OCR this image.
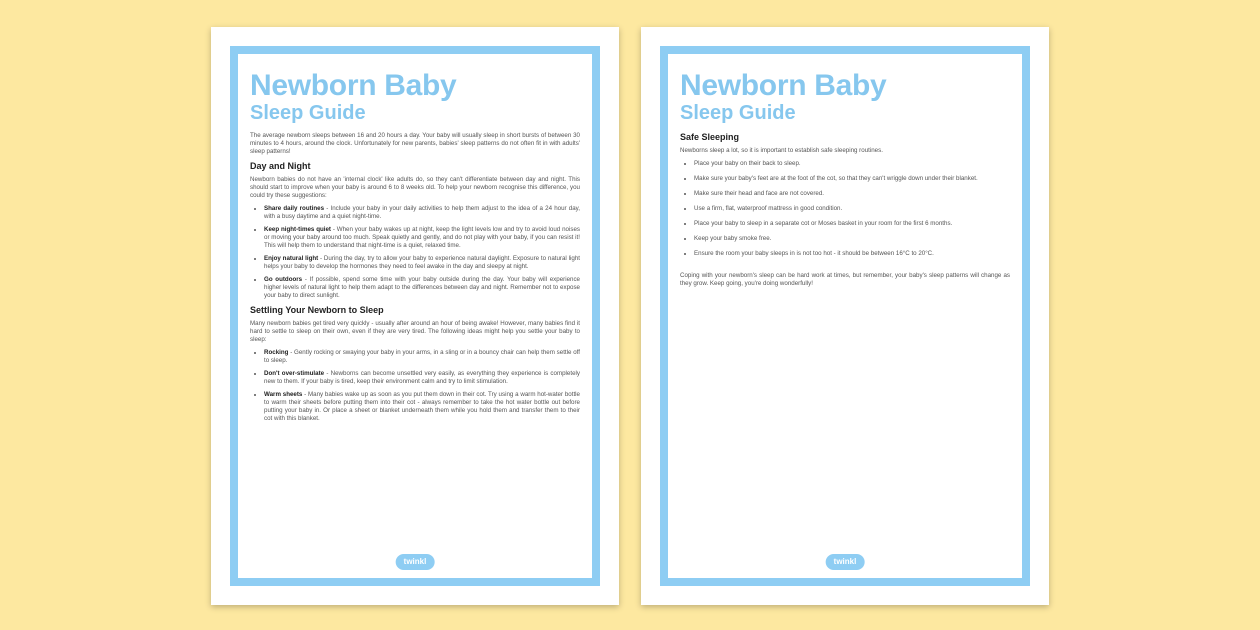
Newborn Baby
Sleep Guide

The average newborn sleeps between 16 and 20 hours a day. Your baby will usually sleep in short bursts of between 30 minutes to 4 hours, around the clock. Unfortunately for new parents, babies' sleep patterns do not often fit in with adults' sleep patterns!

Day and Night

Newborn babies do not have an 'internal clock' like adults do, so they can't differentiate between day and night. This should start to improve when your baby is around 6 to 8 weeks old. To help your newborn recognise this difference, you could try these suggestions:

• Share daily routines - Include your baby in your daily activities to help them adjust to the idea of a 24 hour day, with a busy daytime and a quiet night-time.
• Keep night-times quiet - When your baby wakes up at night, keep the light levels low and try to avoid loud noises or moving your baby around too much. Speak quietly and gently, and do not play with your baby, if you can resist it! This will help them to understand that night-time is a quiet, relaxed time.
• Enjoy natural light - During the day, try to allow your baby to experience natural daylight. Exposure to natural light helps your baby to develop the hormones they need to feel awake in the day and sleepy at night.
• Go outdoors - If possible, spend some time with your baby outside during the day. Your baby will experience higher levels of natural light to help them adapt to the differences between day and night. Remember not to expose your baby to direct sunlight.
Settling Your Newborn to Sleep

Many newborn babies get tired very quickly - usually after around an hour of being awake! However, many babies find it hard to settle to sleep on their own, even if they are very tired. The following ideas might help you settle your baby to sleep:

• Rocking - Gently rocking or swaying your baby in your arms, in a sling or in a bouncy chair can help them settle off to sleep.
• Don't over-stimulate - Newborns can become unsettled very easily, as everything they experience is completely new to them. If your baby is tired, keep their environment calm and try to limit stimulation.
• Warm sheets - Many babies wake up as soon as you put them down in their cot. Try using a warm hot-water bottle to warm their sheets before putting them into their cot - always remember to take the hot water bottle out before putting your baby in. Or place a sheet or blanket underneath them while you hold them and transfer them to their cot with this blanket.
twinkl
Newborn Baby
Sleep Guide
Safe Sleeping

Newborns sleep a lot, so it is important to establish safe sleeping routines.

• Place your baby on their back to sleep.
• Make sure your baby's feet are at the foot of the cot, so that they can't wriggle down under their blanket.
• Make sure their head and face are not covered.
• Use a firm, flat, waterproof mattress in good condition.
• Place your baby to sleep in a separate cot or Moses basket in your room for the first 6 months.
• Keep your baby smoke free.
• Ensure the room your baby sleeps in is not too hot - it should be between 16°C to 20°C.

Coping with your newborn's sleep can be hard work at times, but remember, your baby's sleep patterns will change as they grow. Keep going, you're doing wonderfully!

twinkl
